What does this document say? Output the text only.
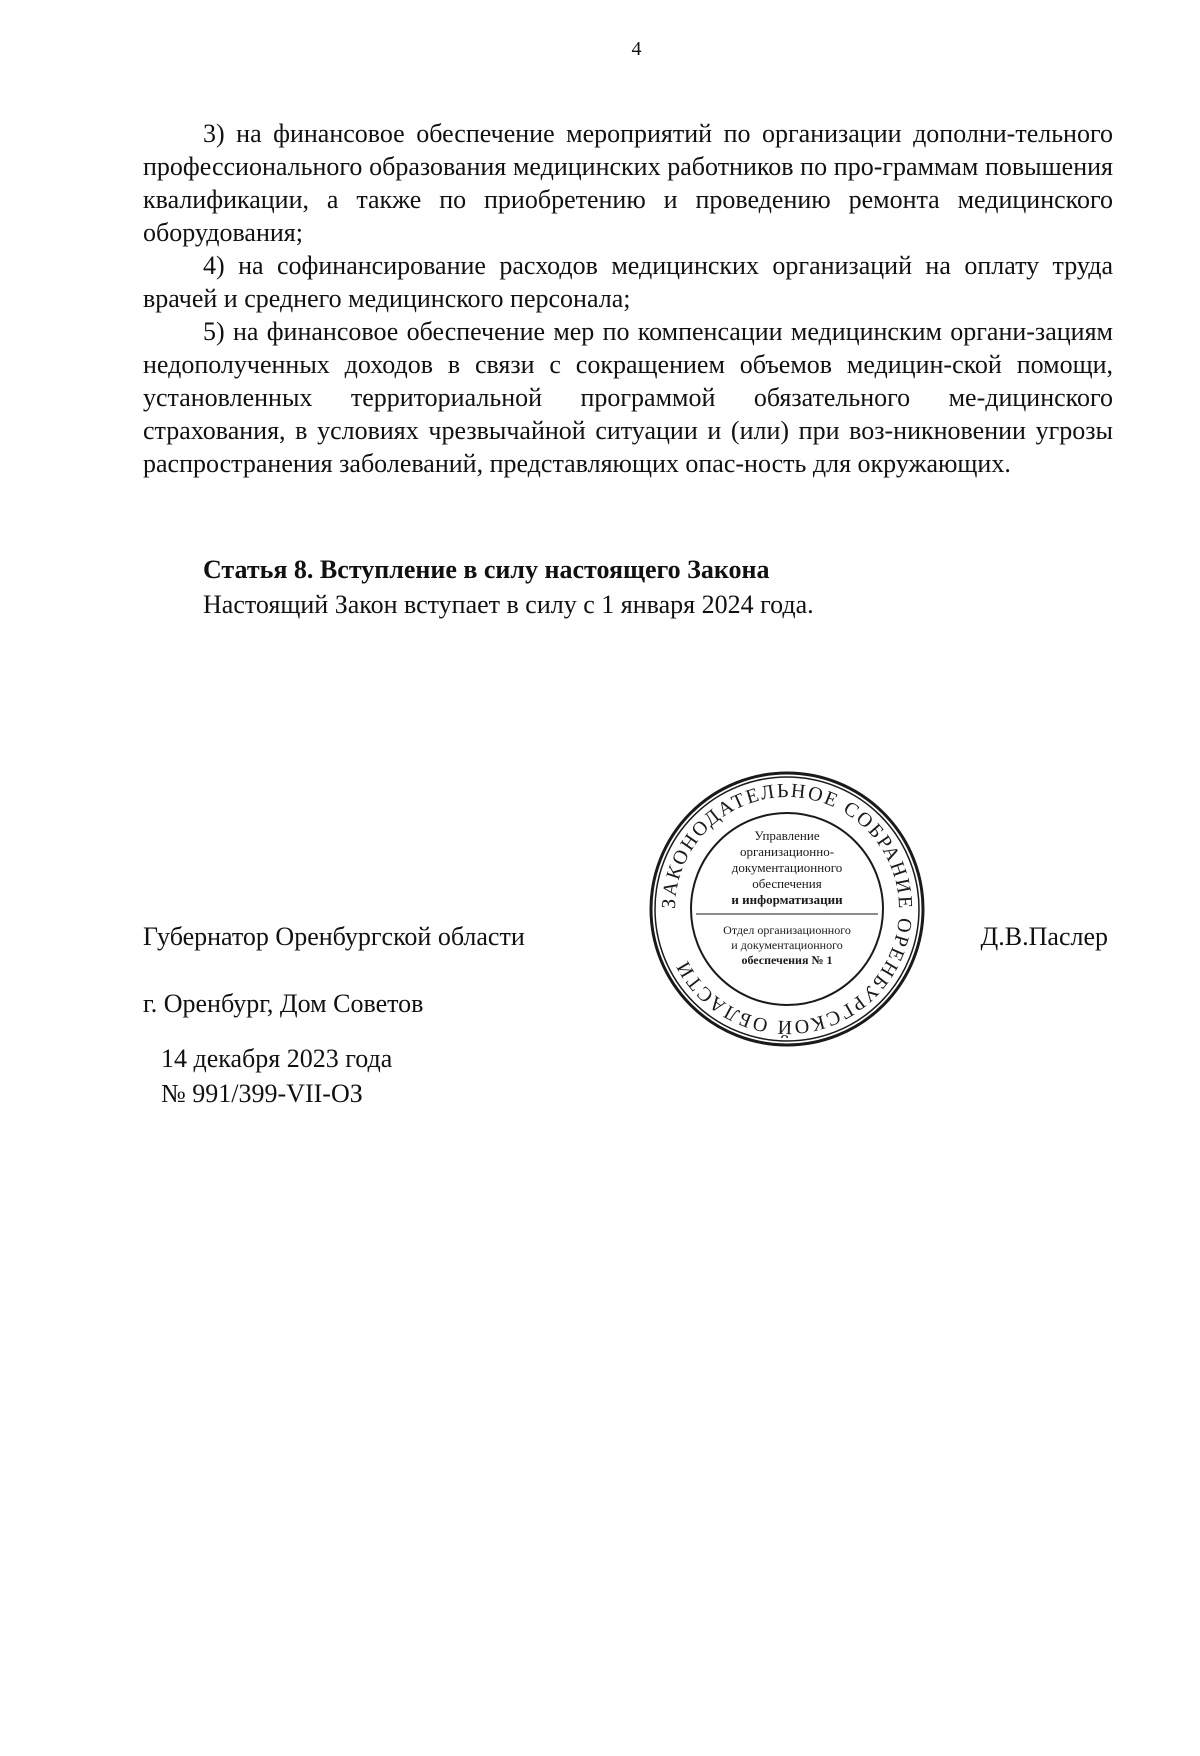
4

3) на финансовое обеспечение мероприятий по организации дополни-тельного профессионального образования медицинских работников по про-граммам повышения квалификации, а также по приобретению и проведению ремонта медицинского оборудования;

4) на софинансирование расходов медицинских организаций на оплату труда врачей и среднего медицинского персонала;

5) на финансовое обеспечение мер по компенсации медицинским органи-зациям недополученных доходов в связи с сокращением объемов медицин-ской помощи, установленных территориальной программой обязательного ме-дицинского страхования, в условиях чрезвычайной ситуации и (или) при воз-никновении угрозы распространения заболеваний, представляющих опас-ность для окружающих.

Статья 8. Вступление в силу настоящего Закона
Настоящий Закон вступает в силу с 1 января 2024 года.
ЗАКОНОДАТЕЛЬНОЕ СОБРАНИЕ ОРЕНБУРГСКОЙ ОБЛАСТИ
Управление
организационно-
документационного
обеспечения
и информатизации
Отдел организационного
и документационного
обеспечения № 1
Губернатор Оренбургской области	Д.В.Паслер
г. Оренбург, Дом Советов
14 декабря 2023 года
№ 991/399-VII-ОЗ
